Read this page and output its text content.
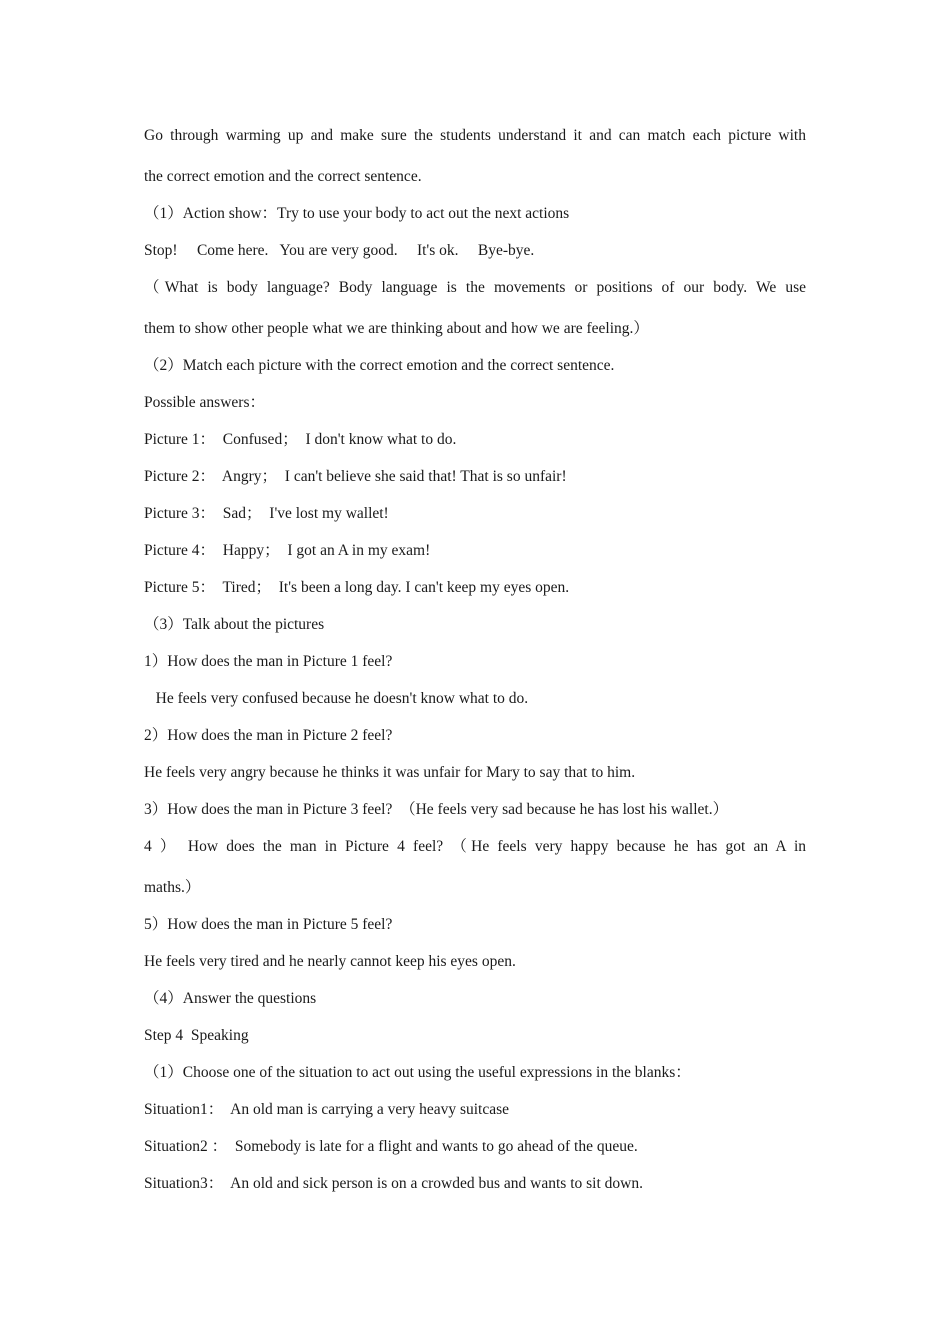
Go through warming up and make sure the students understand it and can match each picture with
the correct emotion and the correct sentence.
（1）Action show：Try to use your body to act out the next actions
Stop!     Come here.   You are very good.     It's ok.     Bye-bye.
（What is body language? Body language is the movements or positions of our body. We use
them to show other people what we are thinking about and how we are feeling.）
（2）Match each picture with the correct emotion and the correct sentence.
Possible answers：
Picture 1：  Confused；  I don't know what to do.
Picture 2：  Angry；  I can't believe she said that! That is so unfair!
Picture 3：  Sad；  I've lost my wallet!
Picture 4：  Happy；  I got an A in my exam!
Picture 5：  Tired；  It's been a long day. I can't keep my eyes open.
（3）Talk about the pictures
1）How does the man in Picture 1 feel?
He feels very confused because he doesn't know what to do.
2）How does the man in Picture 2 feel?
He feels very angry because he thinks it was unfair for Mary to say that to him.
3）How does the man in Picture 3 feel?  （He feels very sad because he has lost his wallet.）
4 ） How does the man in Picture 4 feel? （He feels very happy because he has got an A in
maths.）
5）How does the man in Picture 5 feel?
He feels very tired and he nearly cannot keep his eyes open.
（4）Answer the questions
Step 4  Speaking
（1）Choose one of the situation to act out using the useful expressions in the blanks：
Situation1：  An old man is carrying a very heavy suitcase
Situation2 ：  Somebody is late for a flight and wants to go ahead of the queue.
Situation3：  An old and sick person is on a crowded bus and wants to sit down.
